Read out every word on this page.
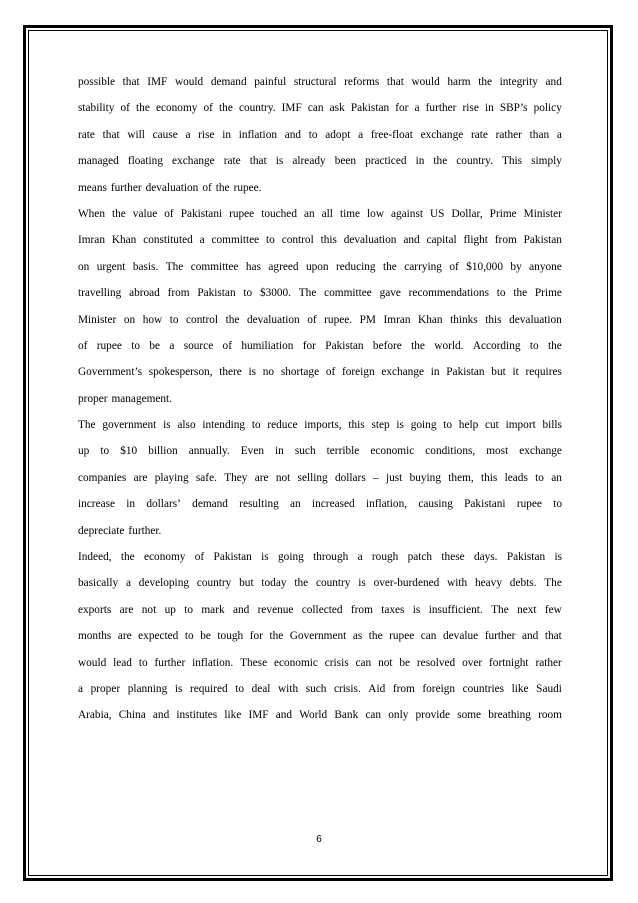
possible that IMF would demand painful structural reforms that would harm the integrity and
stability of the economy of the country. IMF can ask Pakistan for a further rise in SBP’s policy
rate that will cause a rise in inflation and to adopt a free-float exchange rate rather than a
managed floating exchange rate that is already been practiced in the country. This simply
means further devaluation of the rupee.
When the value of Pakistani rupee touched an all time low against US Dollar, Prime Minister
Imran Khan constituted a committee to control this devaluation and capital flight from Pakistan
on urgent basis. The committee has agreed upon reducing the carrying of $10,000 by anyone
travelling abroad from Pakistan to $3000. The committee gave recommendations to the Prime
Minister on how to control the devaluation of rupee. PM Imran Khan thinks this devaluation
of rupee to be a source of humiliation for Pakistan before the world. According to the
Government’s spokesperson, there is no shortage of foreign exchange in Pakistan but it requires
proper management.
The government is also intending to reduce imports, this step is going to help cut import bills
up to $10 billion annually. Even in such terrible economic conditions, most exchange
companies are playing safe. They are not selling dollars – just buying them, this leads to an
increase in dollars’ demand resulting an increased inflation, causing Pakistani rupee to
depreciate further.
Indeed, the economy of Pakistan is going through a rough patch these days. Pakistan is
basically a developing country but today the country is over-burdened with heavy debts. The
exports are not up to mark and revenue collected from taxes is insufficient. The next few
months are expected to be tough for the Government as the rupee can devalue further and that
would lead to further inflation. These economic crisis can not be resolved over fortnight rather
a proper planning is required to deal with such crisis. Aid from foreign countries like Saudi
Arabia, China and institutes like IMF and World Bank can only provide some breathing room
6
